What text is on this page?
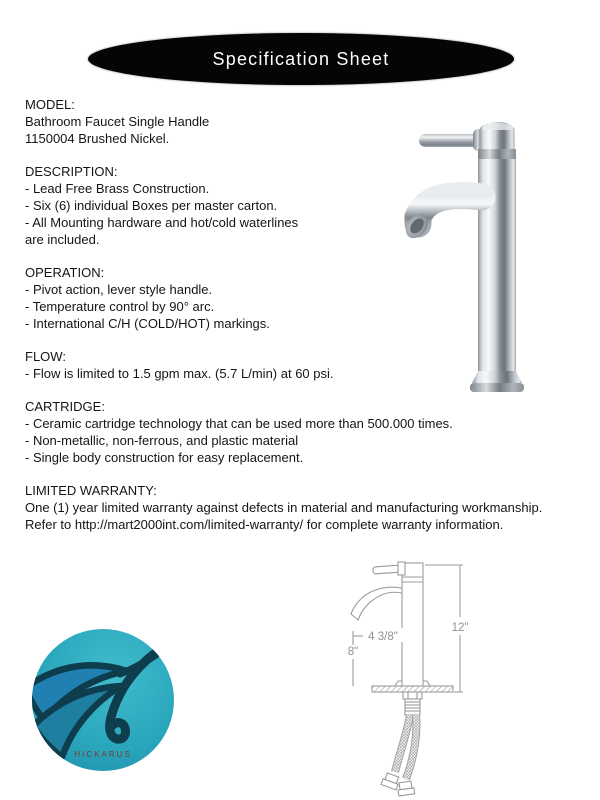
Specification Sheet
MODEL:
Bathroom Faucet Single Handle
1150004 Brushed Nickel.
DESCRIPTION:
- Lead Free Brass Construction.
- Six (6) individual Boxes per master carton.
- All Mounting hardware and hot/cold waterlines
are included.
OPERATION:
- Pivot action, lever style handle.
- Temperature control by 90° arc.
- International C/H (COLD/HOT) markings.
FLOW:
- Flow is limited to 1.5 gpm max. (5.7 L/min) at 60 psi.
CARTRIDGE:
- Ceramic cartridge technology that can be used more than 500.000 times.
- Non-metallic, non-ferrous, and plastic material
- Single body construction for easy replacement.
LIMITED WARRANTY:
One (1) year limited warranty against defects in material and manufacturing workmanship.
Refer to http://mart2000int.com/limited-warranty/ for complete warranty information.
4 3/8"
12"
8"
HICKARUS
